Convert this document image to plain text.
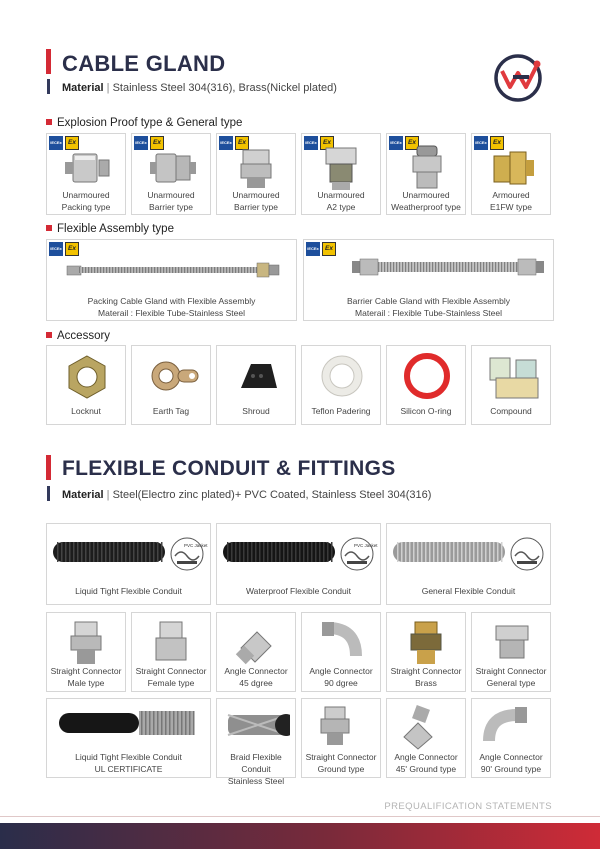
CABLE GLAND
Material | Stainless Steel 304(316), Brass(Nickel plated)
Explosion Proof type & General type
IECEx Ex
Unarmoured
Packing type
IECEx Ex
Unarmoured
Barrier type
IECEx Ex
Unarmoured
Barrier type
IECEx Ex
Unarmoured
A2 type
IECEx Ex
Unarmoured
Weatherproof type
IECEx Ex
Armoured
E1FW type
Flexible Assembly type
IECEx Ex
Packing Cable Gland with Flexible Assembly
Materail : Flexible Tube-Stainless Steel
IECEx Ex
Barrier Cable Gland with Flexible Assembly
Materail : Flexible Tube-Stainless Steel
Accessory
Locknut	Earth Tag	Shroud	Teflon Padering	Silicon O-ring	Compound
FLEXIBLE CONDUIT & FITTINGS
Material | Steel(Electro zinc plated)+ PVC Coated, Stainless Steel 304(316)
PVC Jacket
Liquid Tight Flexible Conduit
PVC Jacket
Waterproof Flexible Conduit	General Flexible Conduit
Straight Connector
Male type
Straight Connector
Female type
Angle Connector
45 dgree
Angle Connector
90 dgree
Straight Connector
Brass
Straight Connector
General type
Liquid Tight Flexible Conduit
UL CERTIFICATE
Braid Flexible Conduit
Stainless Steel
Straight Connector
Ground type
Angle Connector
45' Ground type
Angle Connector
90' Ground type
PREQUALIFICATION STATEMENTS
